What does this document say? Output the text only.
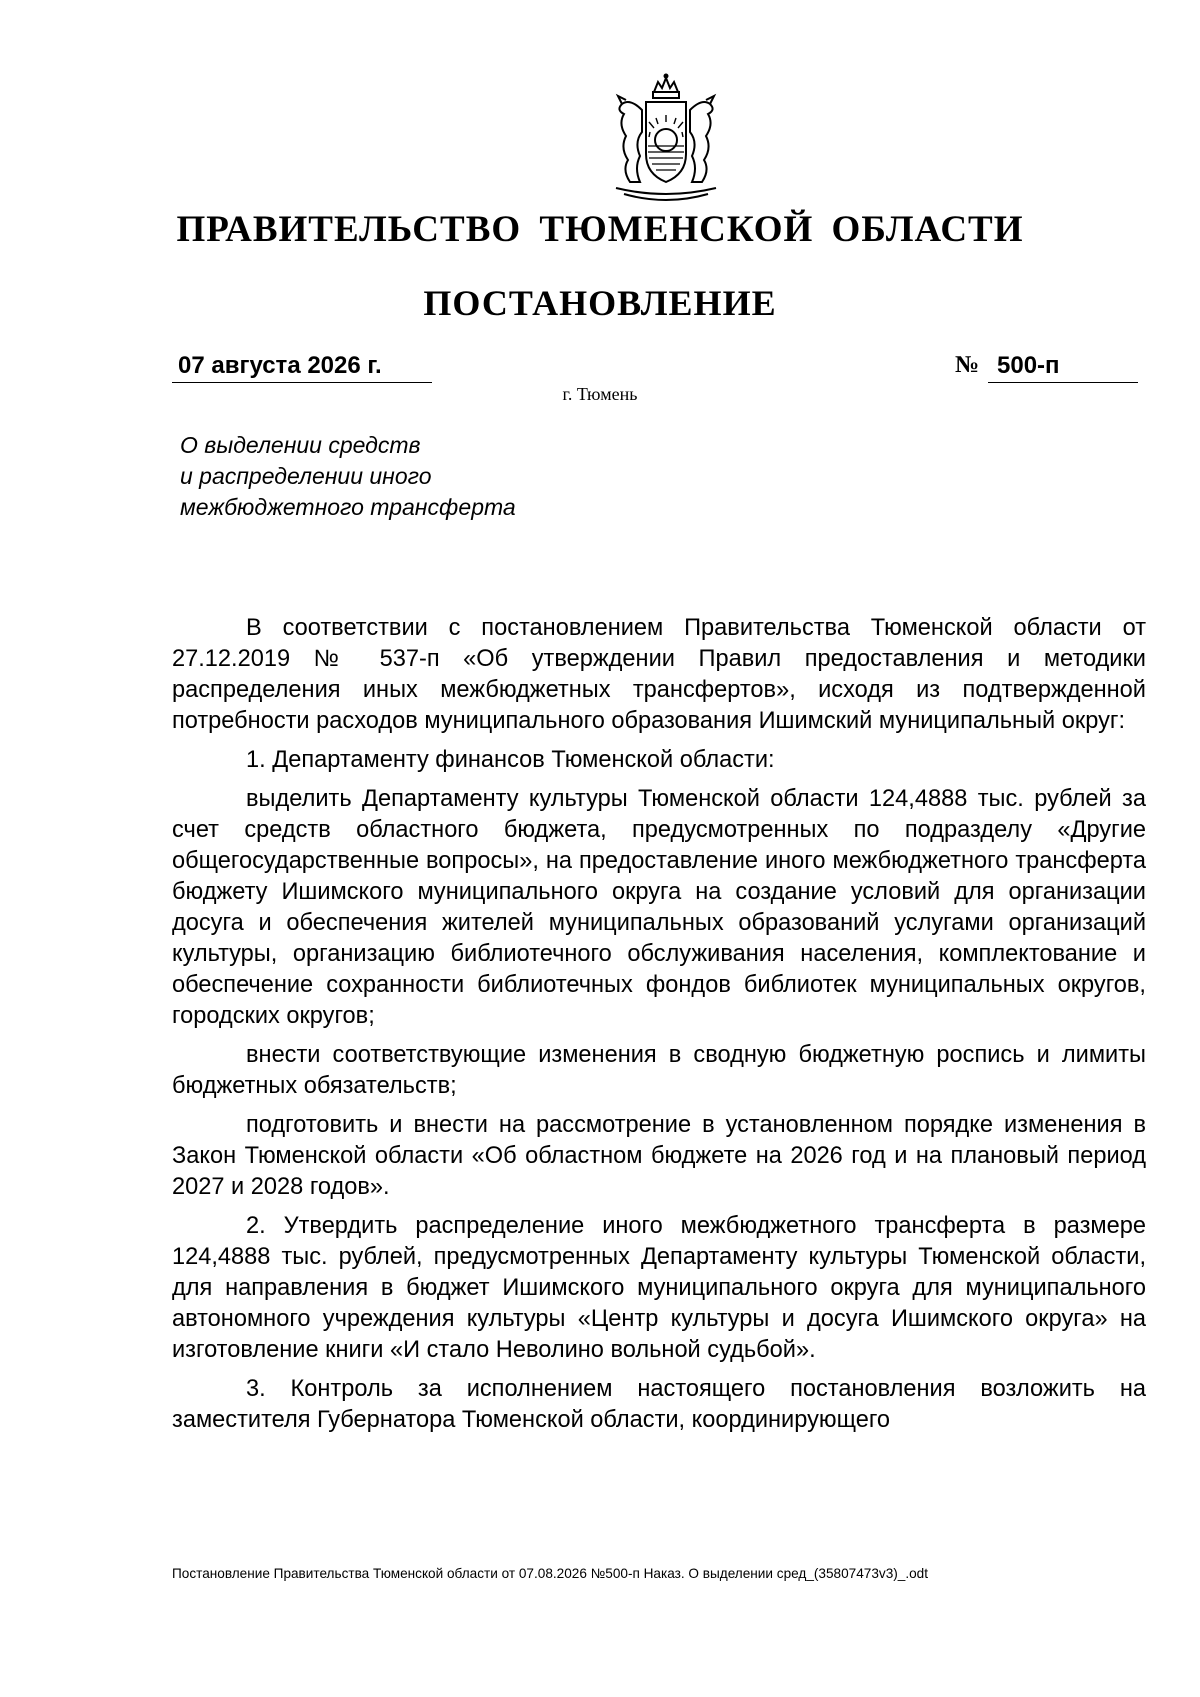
ПРАВИТЕЛЬСТВО ТЮМЕНСКОЙ ОБЛАСТИ
ПОСТАНОВЛЕНИЕ
07 августа 2026 г.	№ 500-п
г. Тюмень
О выделении средств
и распределении иного
межбюджетного трансферта

В соответствии с постановлением Правительства Тюменской области от 27.12.2019 № 537-п «Об утверждении Правил предоставления и методики распределения иных межбюджетных трансфертов», исходя из подтвержденной потребности расходов муниципального образования Ишимский муниципальный округ:

1. Департаменту финансов Тюменской области:

выделить Департаменту культуры Тюменской области 124,4888 тыс. рублей за счет средств областного бюджета, предусмотренных по подразделу «Другие общегосударственные вопросы», на предоставление иного межбюджетного трансферта бюджету Ишимского муниципального округа на создание условий для организации досуга и обеспечения жителей муниципальных образований услугами организаций культуры, организацию библиотечного обслуживания населения, комплектование и обеспечение сохранности библиотечных фондов библиотек муниципальных округов, городских округов;

внести соответствующие изменения в сводную бюджетную роспись и лимиты бюджетных обязательств;

подготовить и внести на рассмотрение в установленном порядке изменения в Закон Тюменской области «Об областном бюджете на 2026 год и на плановый период 2027 и 2028 годов».

2. Утвердить распределение иного межбюджетного трансферта в размере 124,4888 тыс. рублей, предусмотренных Департаменту культуры Тюменской области, для направления в бюджет Ишимского муниципального округа для муниципального автономного учреждения культуры «Центр культуры и досуга Ишимского округа» на изготовление книги «И стало Неволино вольной судьбой».

3. Контроль за исполнением настоящего постановления возложить на заместителя Губернатора Тюменской области, координирующего

Постановление Правительства Тюменской области от 07.08.2026 №500-п Наказ. О выделении сред_(35807473v3)_.odt
